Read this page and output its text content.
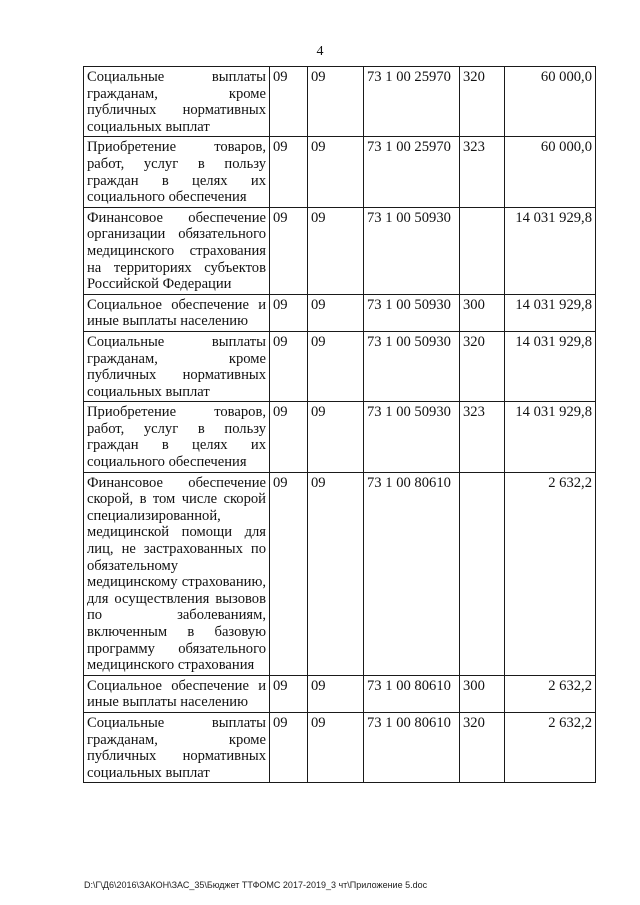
4
Социальные выплаты гражданам, кроме публичных нормативных социальных выплат	09	09	73 1 00 25970	320	60 000,0
Приобретение товаров, работ, услуг в пользу граждан в целях их социального обеспечения	09	09	73 1 00 25970	323	60 000,0
Финансовое обеспечение организации обязательного медицинского страхования на территориях субъектов Российской Федерации	09	09	73 1 00 50930		14 031 929,8
Социальное обеспечение и иные выплаты населению	09	09	73 1 00 50930	300	14 031 929,8
Социальные выплаты гражданам, кроме публичных нормативных социальных выплат	09	09	73 1 00 50930	320	14 031 929,8
Приобретение товаров, работ, услуг в пользу граждан в целях их социального обеспечения	09	09	73 1 00 50930	323	14 031 929,8
Финансовое обеспечение скорой, в том числе скорой специализированной, медицинской помощи для лиц, не застрахованных по обязательному медицинскому страхованию, для осуществления вызовов по заболеваниям, включенным в базовую программу обязательного медицинского страхования	09	09	73 1 00 80610		2 632,2
Социальное обеспечение и иные выплаты населению	09	09	73 1 00 80610	300	2 632,2
Социальные выплаты гражданам, кроме публичных нормативных социальных выплат	09	09	73 1 00 80610	320	2 632,2
D:\Г\Д6\2016\ЗАКОН\ЗАС_35\Бюджет ТТФОМС 2017-2019_3 чт\Приложение 5.doc
